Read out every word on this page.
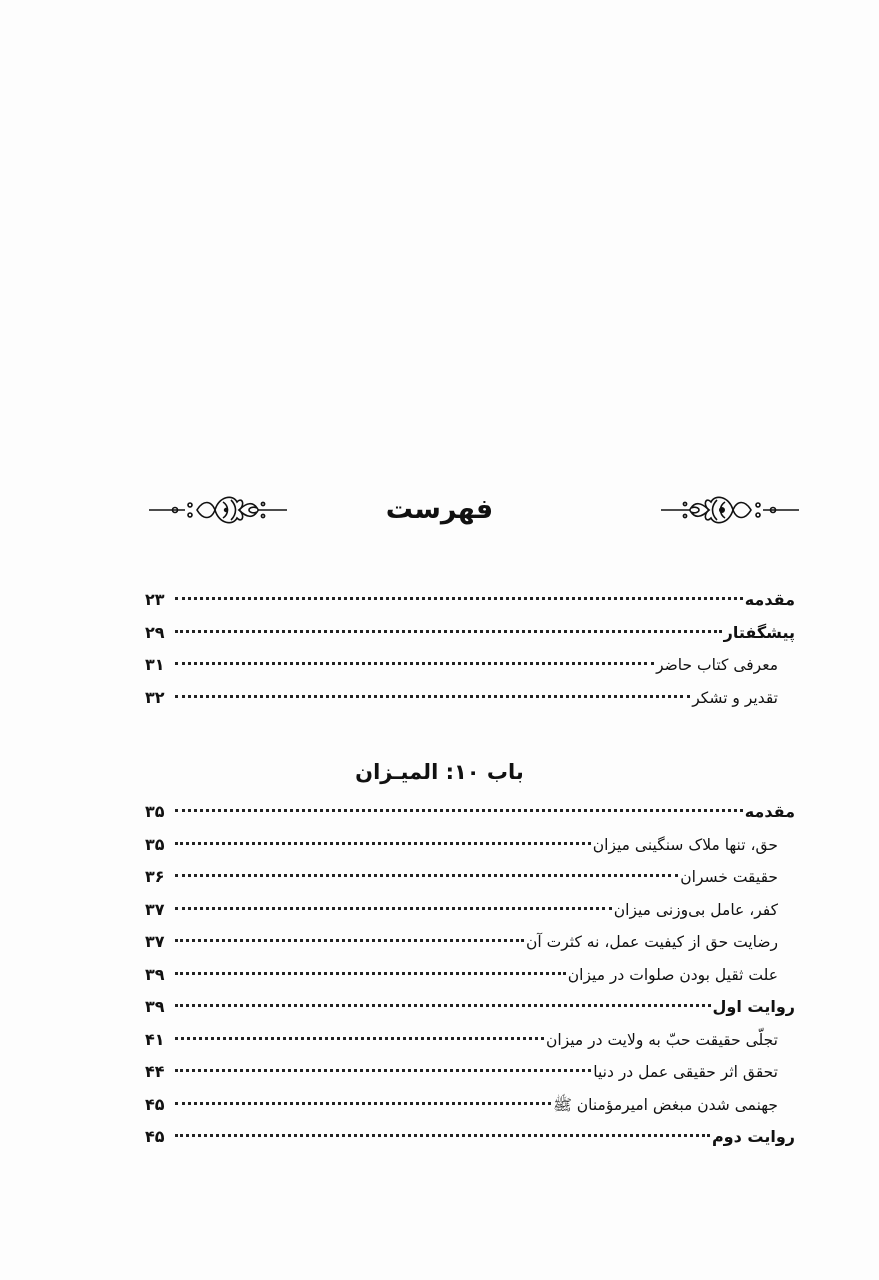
فهرست
مقدمه
۲۳
پیشگفتار
۲۹
معرفی کتاب حاضر
۳۱
تقدیر و تشکر
۳۲
باب ۱۰: المیـزان
مقدمه
۳۵
حق، تنها ملاک سنگینی میزان
۳۵
حقیقت خسران
۳۶
کفر، عامل بی‌وزنی میزان
۳۷
رضایت حق از کیفیت عمل، نه کثرت آن
۳۷
علت ثقیل بودن صلوات در میزان
۳۹
روایت اول
۳۹
تجلّی حقیقت حبّ به ولایت در میزان
۴۱
تحقق اثر حقیقی عمل در دنیا
۴۴
جهنمی شدن مبغض امیرمؤمنان ﷺ
۴۵
روایت دوم
۴۵
